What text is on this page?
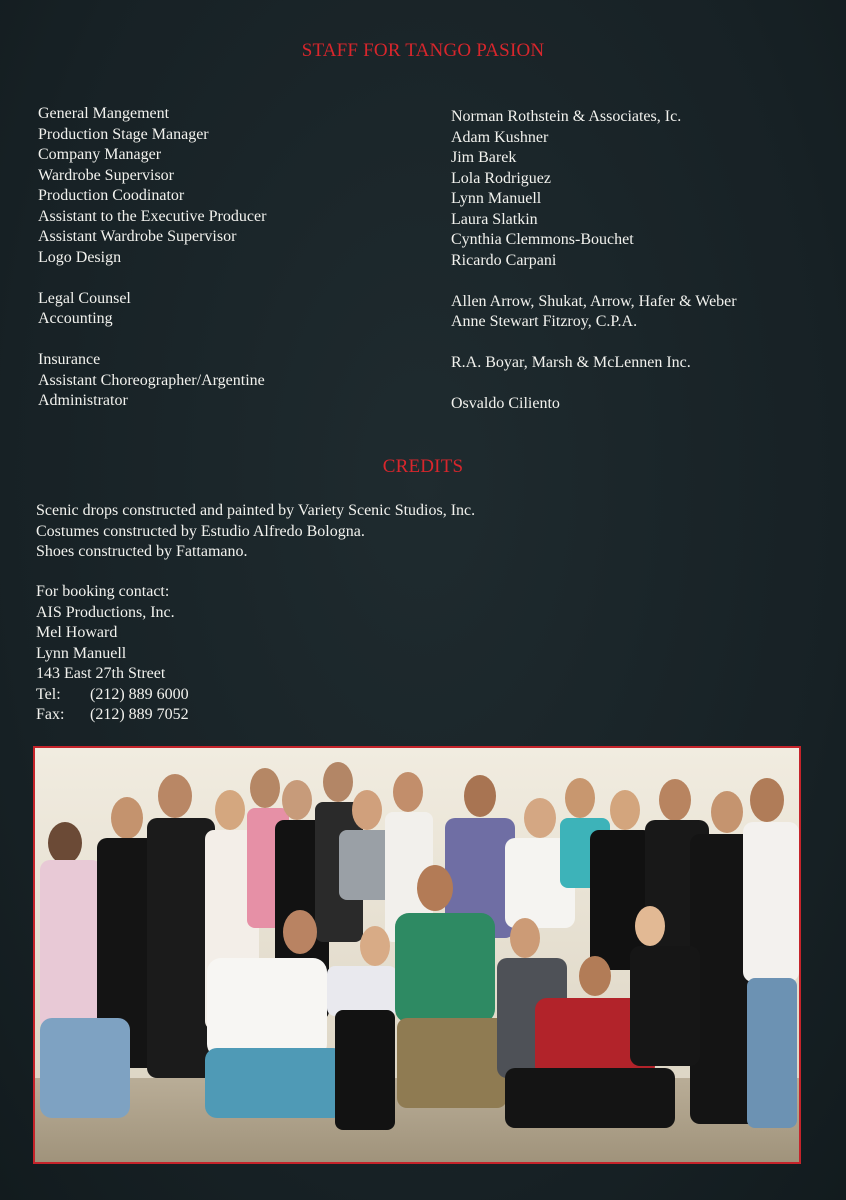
STAFF FOR TANGO PASION
General Mangement
Production Stage Manager
Company Manager
Wardrobe Supervisor
Production Coodinator
Assistant to the Executive Producer
Assistant Wardrobe Supervisor
Logo Design
Legal Counsel
Accounting
Insurance
Assistant Choreographer/Argentine
Administrator
Norman Rothstein & Associates, Ic.
Adam Kushner
Jim Barek
Lola Rodriguez
Lynn Manuell
Laura Slatkin
Cynthia Clemmons-Bouchet
Ricardo Carpani
Allen Arrow, Shukat, Arrow, Hafer & Weber
Anne Stewart Fitzroy, C.P.A.
R.A. Boyar, Marsh & McLennen Inc.
Osvaldo Ciliento
CREDITS
Scenic drops constructed and painted by Variety Scenic Studios, Inc.
Costumes constructed by Estudio Alfredo Bologna.
Shoes constructed by Fattamano.
For booking contact:
AIS Productions, Inc.
Mel Howard
Lynn Manuell
143 East 27th Street
Tel:	(212) 889 6000
Fax:	(212) 889 7052
